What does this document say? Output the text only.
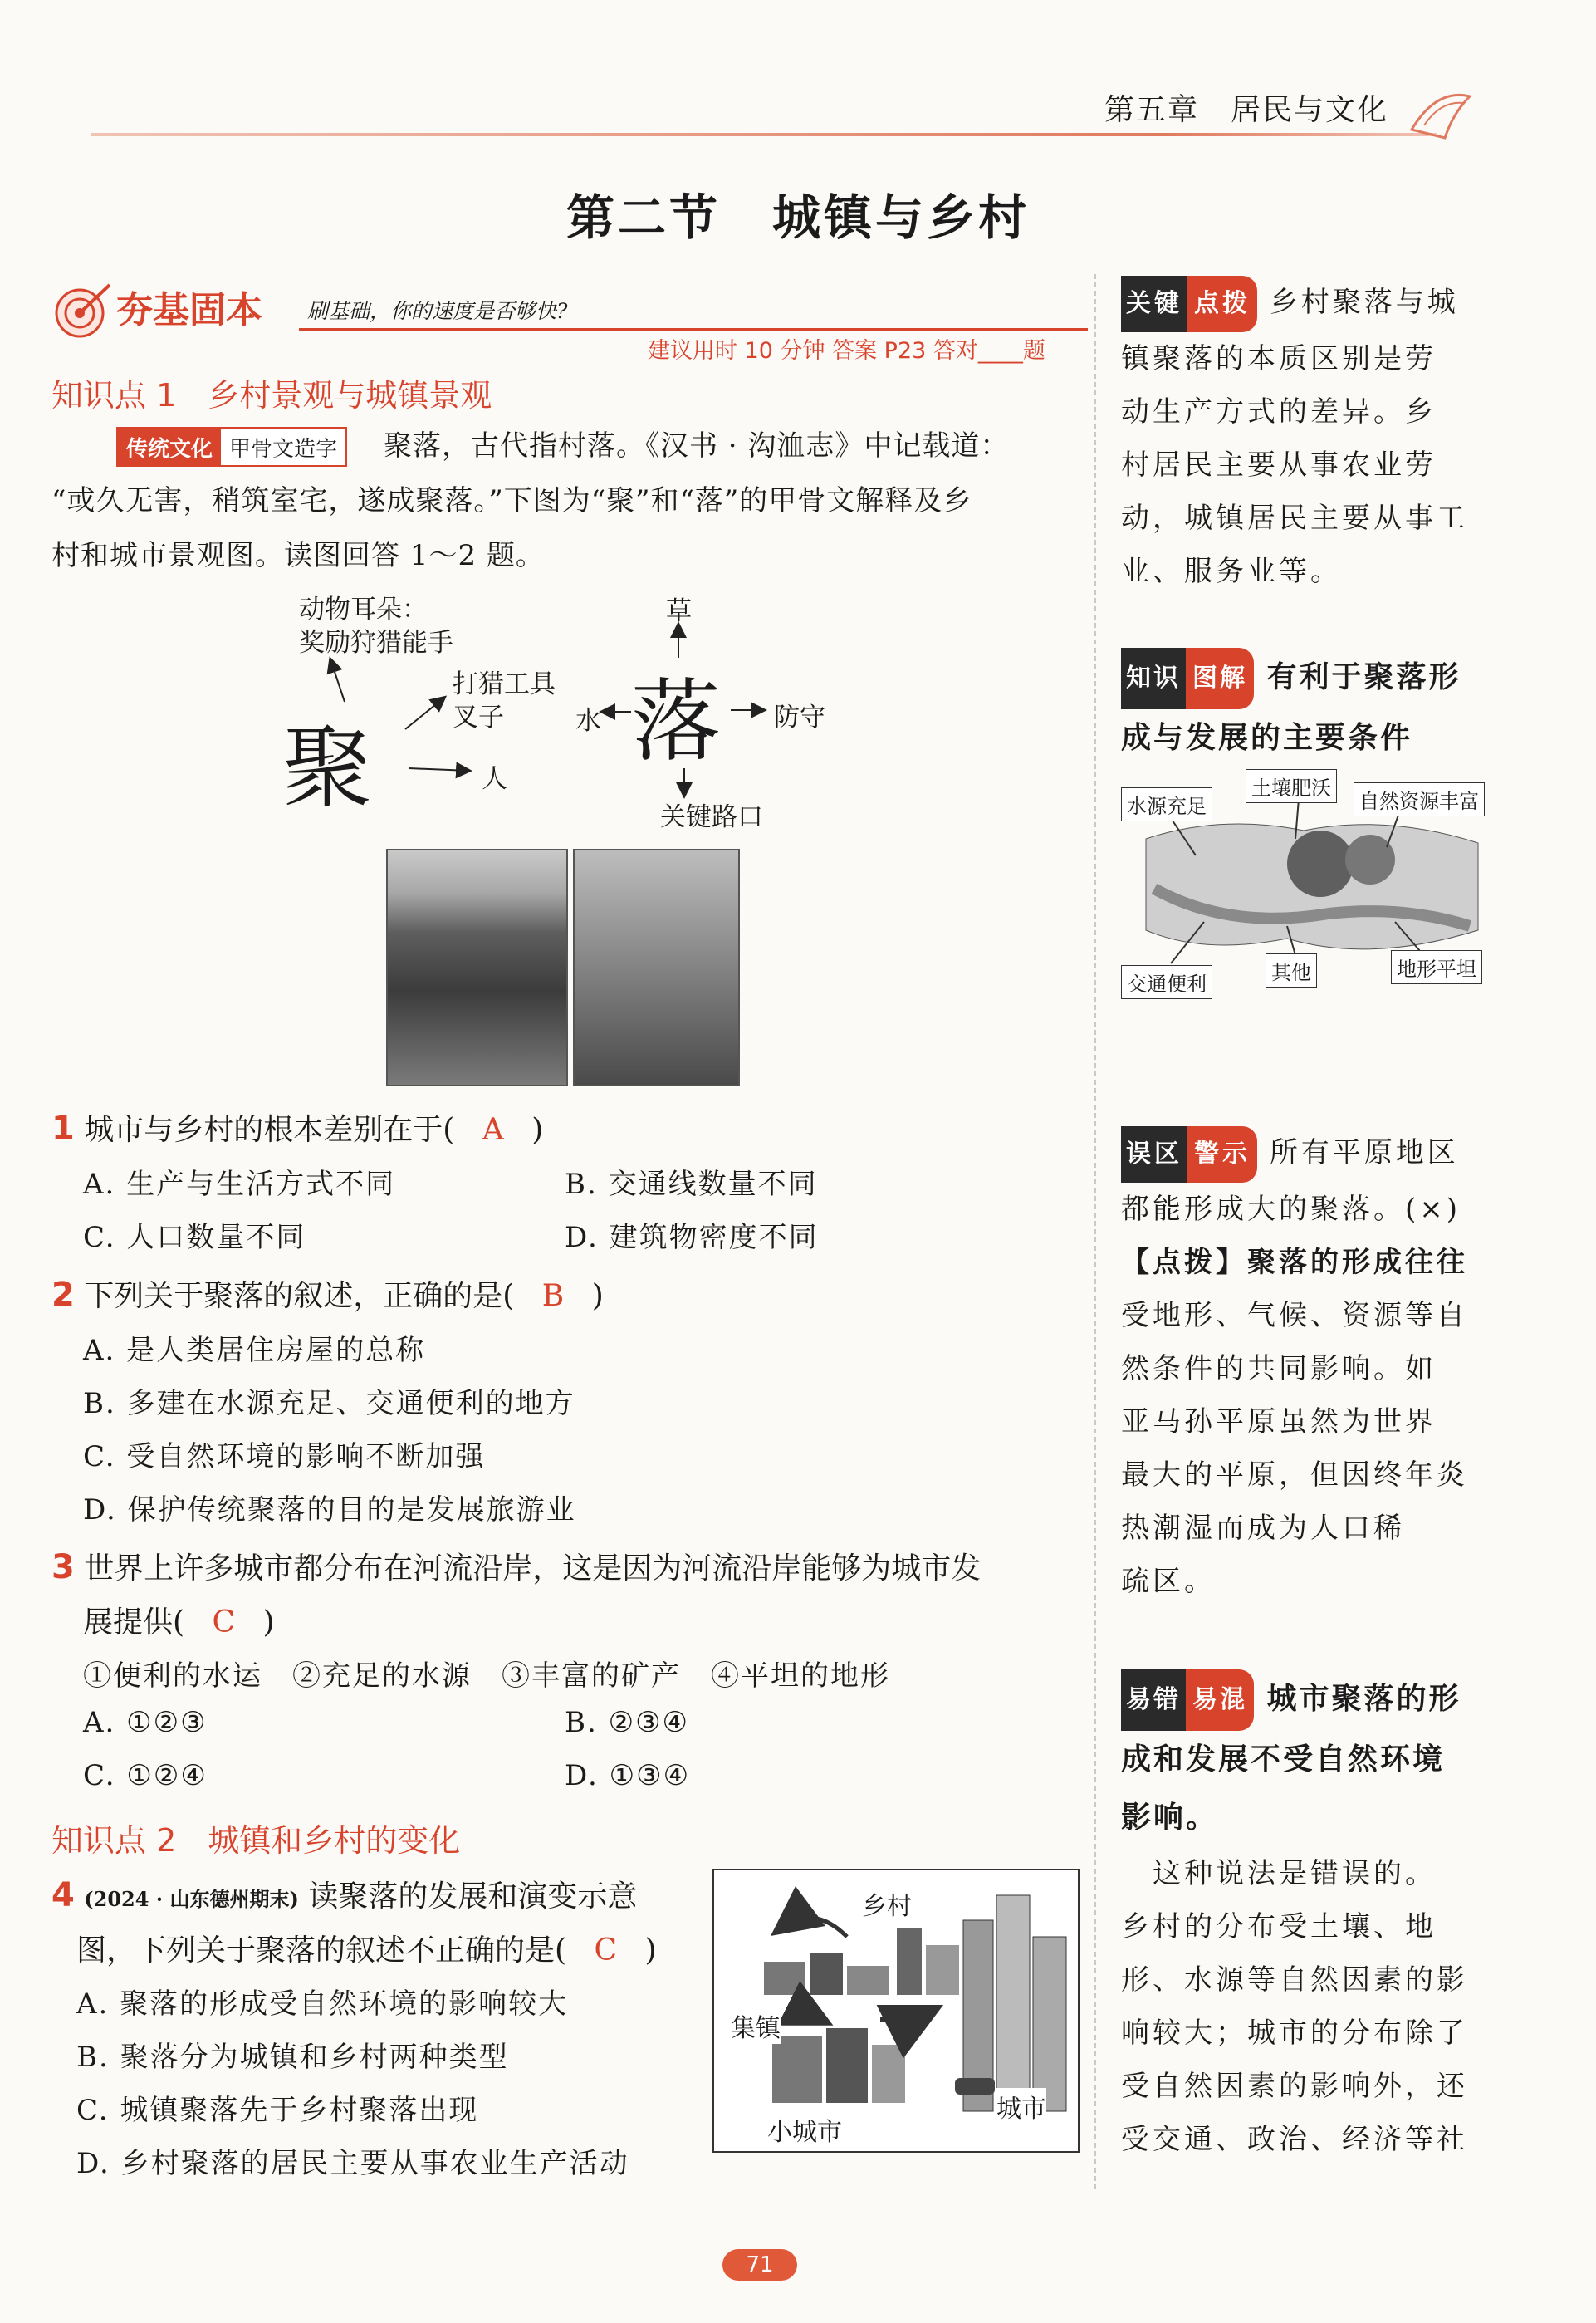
第五章　居民与文化
第二节　城镇与乡村
夯基固本 刷基础，你的速度是否够快?
建议用时 10 分钟 答案 P23 答对____题
知识点 1　乡村景观与城镇景观
传统文化 甲骨文造字 聚落，古代指村落。《汉书 · 沟洫志》中记载道：
“或久无害，稍筑室宅，遂成聚落。”下图为“聚”和“落”的甲骨文解释及乡
村和城市景观图。读图回答 1～2 题。
动物耳朵：
奖励狩猎能手
打猎工具
叉子
人
草
水	防守
关键路口
聚	落
1 城市与乡村的根本差别在于( A )
A. 生产与生活方式不同	B. 交通线数量不同
C. 人口数量不同	D. 建筑物密度不同
2 下列关于聚落的叙述，正确的是( B )
A. 是人类居住房屋的总称
B. 多建在水源充足、交通便利的地方
C. 受自然环境的影响不断加强
D. 保护传统聚落的目的是发展旅游业
3 世界上许多城市都分布在河流沿岸，这是因为河流沿岸能够为城市发
展提供( C )
①便利的水运　②充足的水源　③丰富的矿产　④平坦的地形
A. ①②③	B. ②③④
C. ①②④	D. ①③④
知识点 2　城镇和乡村的变化
4 (2024 · 山东德州期末) 读聚落的发展和演变示意
图，下列关于聚落的叙述不正确的是( C )
A. 聚落的形成受自然环境的影响较大
B. 聚落分为城镇和乡村两种类型
C. 城镇聚落先于乡村聚落出现
D. 乡村聚落的居民主要从事农业生产活动
乡村
集镇
小城市
城市
关键 点拨 乡村聚落与城
镇聚落的本质区别是劳
动生产方式的差异。乡
村居民主要从事农业劳
动，城镇居民主要从事工
业、服务业等。
知识 图解 有利于聚落形
成与发展的主要条件
水源充足
土壤肥沃
自然资源丰富
交通便利	其他	地形平坦
误区 警示 所有平原地区
都能形成大的聚落。(×)
【点拨】聚落的形成往往
受地形、气候、资源等自
然条件的共同影响。如
亚马孙平原虽然为世界
最大的平原，但因终年炎
热潮湿而成为人口稀
疏区。
易错 易混 城市聚落的形
成和发展不受自然环境
影响。
　这种说法是错误的。
乡村的分布受土壤、地
形、水源等自然因素的影
响较大；城市的分布除了
受自然因素的影响外，还
受交通、政治、经济等社
71
